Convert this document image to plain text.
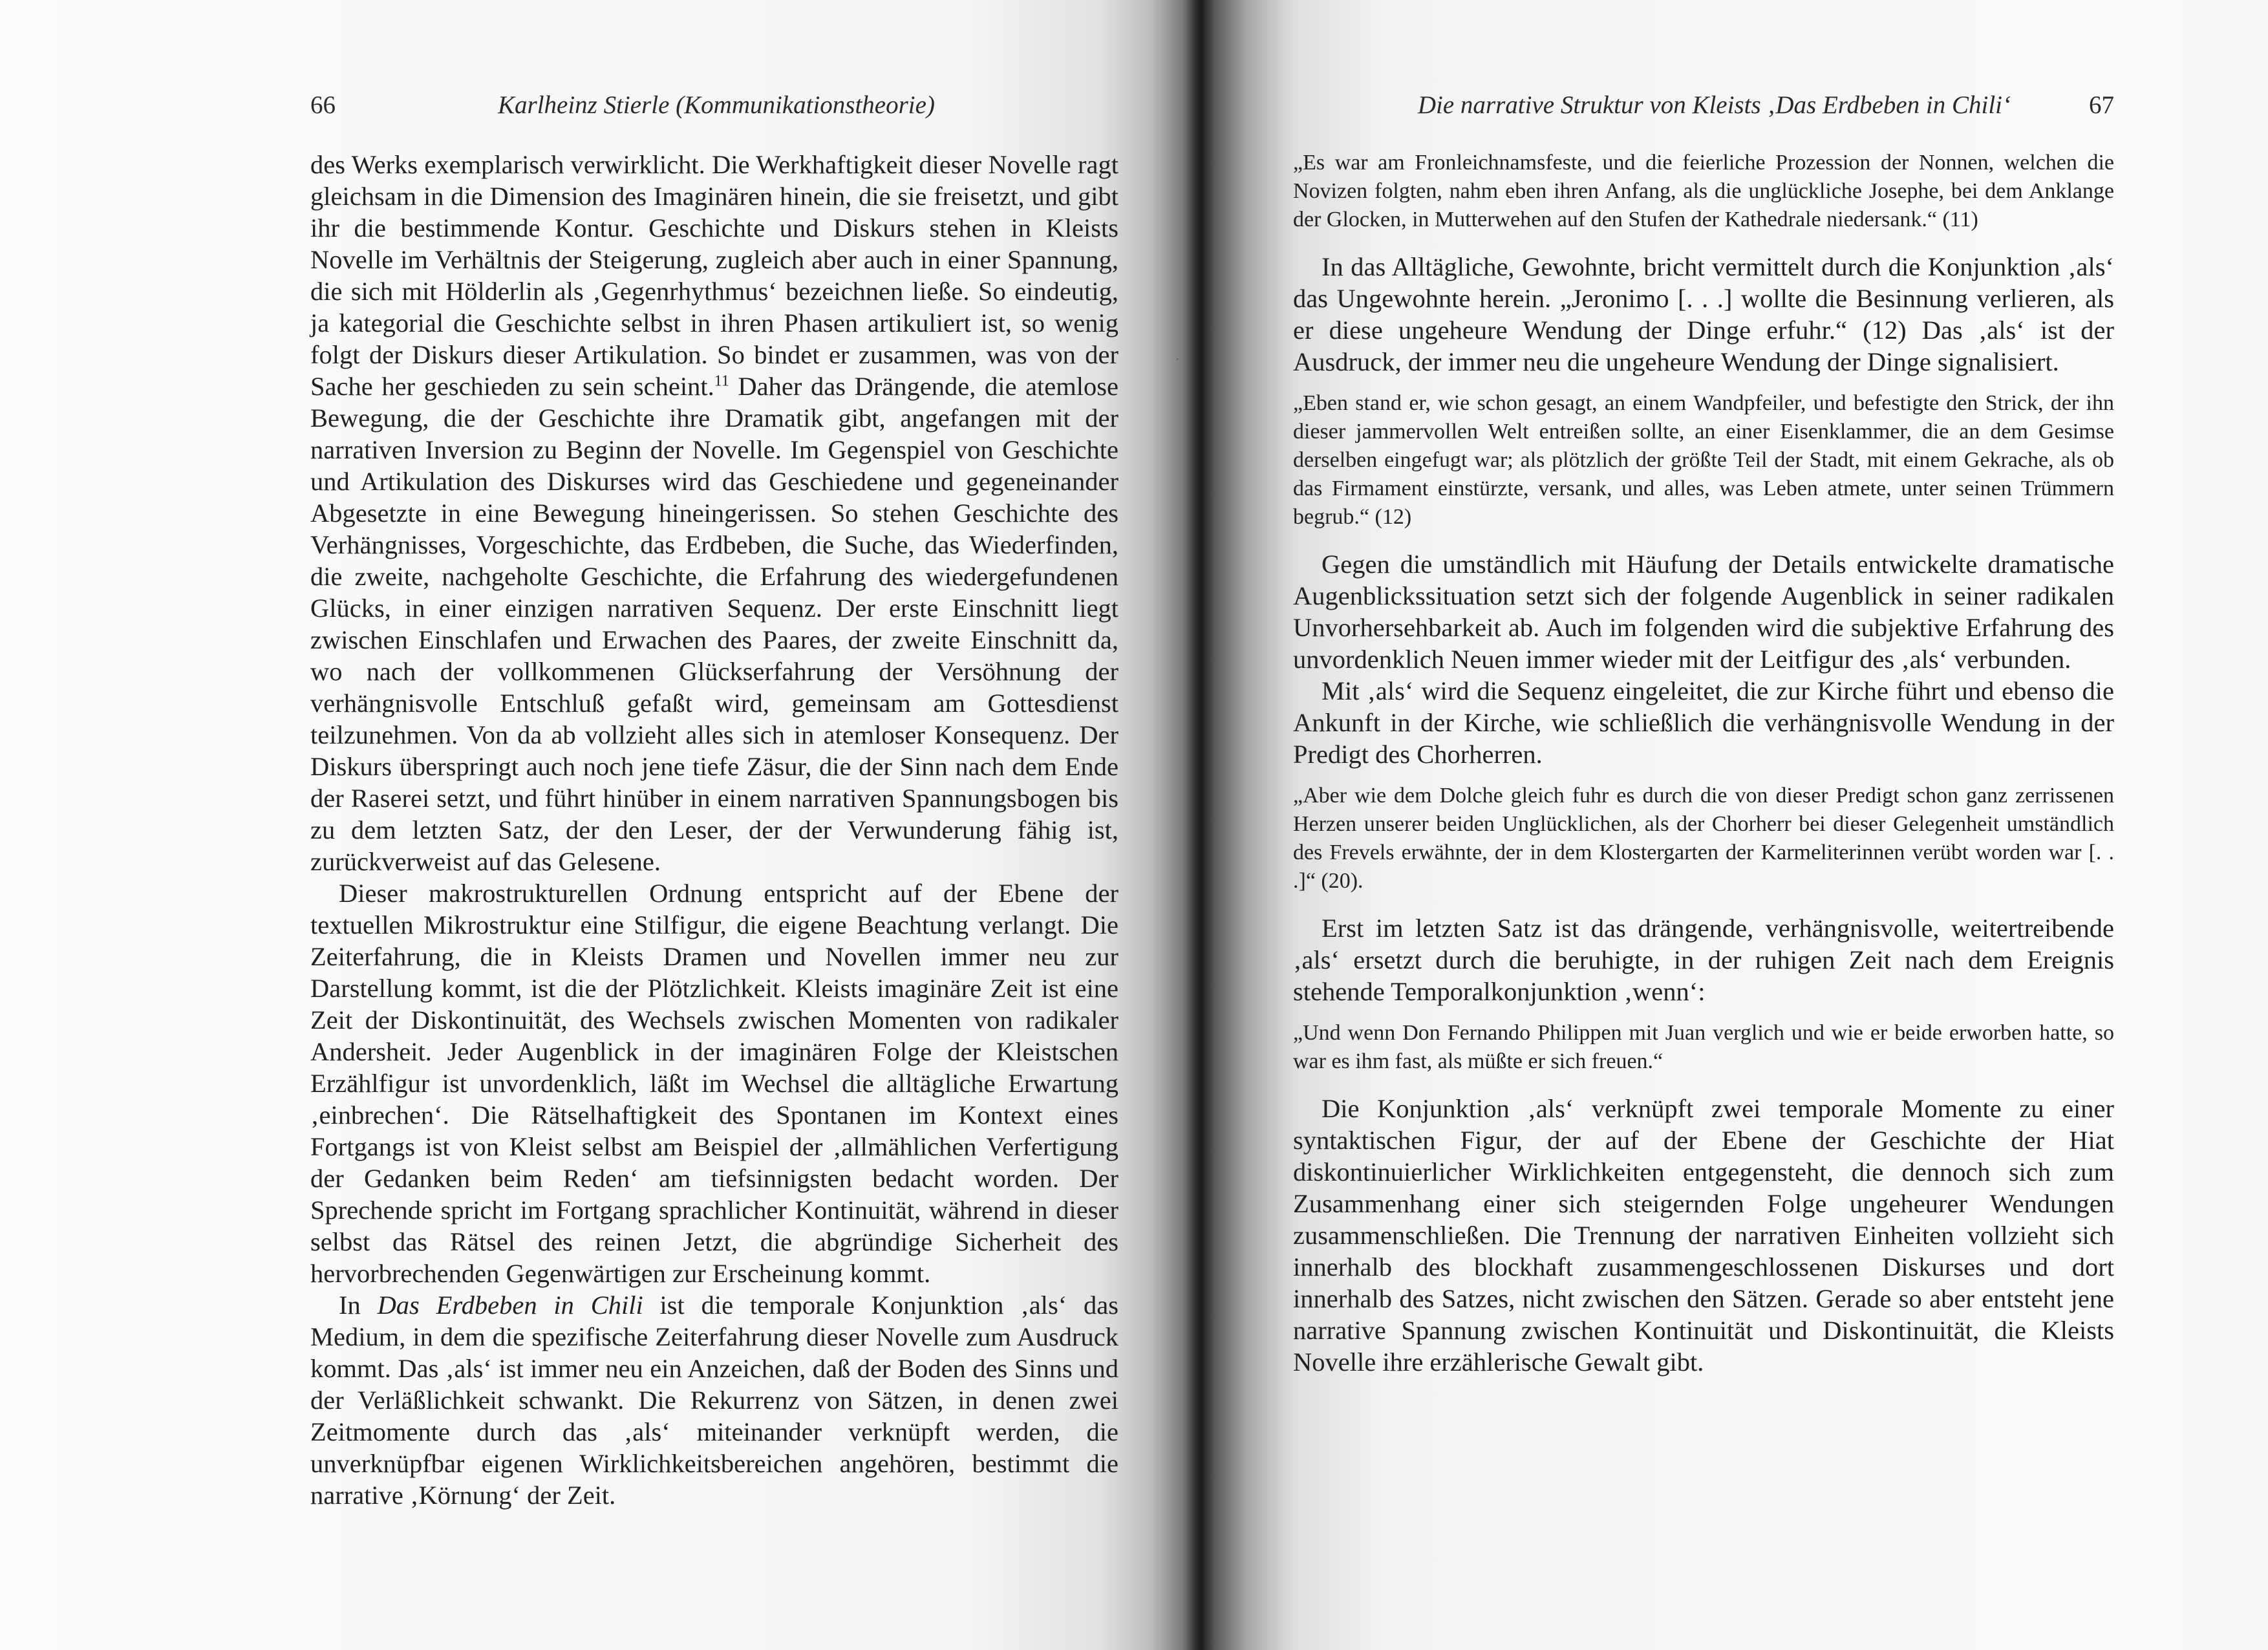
·
66	Karlheinz Stierle (Kommunikationstheorie)

des Werks exemplarisch verwirklicht. Die Werkhaftigkeit dieser Novelle ragt gleichsam in die Dimension des Imaginären hinein, die sie freisetzt, und gibt ihr die bestimmende Kontur. Geschichte und Diskurs stehen in Kleists Novelle im Verhältnis der Steigerung, zugleich aber auch in einer Spannung, die sich mit Hölderlin als ‚Gegenrhythmus‘ bezeichnen ließe. So eindeutig, ja kategorial die Geschichte selbst in ihren Phasen artikuliert ist, so wenig folgt der Diskurs dieser Artikulation. So bindet er zusammen, was von der Sache her geschieden zu sein scheint.$^{11}$ Daher das Drängende, die atemlose Bewegung, die der Geschichte ihre Dramatik gibt, angefangen mit der narrativen Inversion zu Beginn der Novelle. Im Gegenspiel von Geschichte und Artikulation des Diskurses wird das Geschiedene und gegeneinander Abgesetzte in eine Bewegung hineingerissen. So stehen Geschichte des Verhängnisses, Vorgeschichte, das Erdbeben, die Suche, das Wiederfinden, die zweite, nachgeholte Geschichte, die Erfahrung des wiedergefundenen Glücks, in einer einzigen narrativen Sequenz. Der erste Einschnitt liegt zwischen Einschlafen und Erwachen des Paares, der zweite Einschnitt da, wo nach der vollkommenen Glückserfahrung der Versöhnung der verhängnisvolle Entschluß gefaßt wird, gemeinsam am Gottesdienst teilzunehmen. Von da ab vollzieht alles sich in atemloser Konsequenz. Der Diskurs überspringt auch noch jene tiefe Zäsur, die der Sinn nach dem Ende der Raserei setzt, und führt hinüber in einem narrativen Spannungsbogen bis zu dem letzten Satz, der den Leser, der der Verwunderung fähig ist, zurückverweist auf das Gelesene.

Dieser makrostrukturellen Ordnung entspricht auf der Ebene der textuellen Mikrostruktur eine Stilfigur, die eigene Beachtung verlangt. Die Zeiterfahrung, die in Kleists Dramen und Novellen immer neu zur Darstellung kommt, ist die der Plötzlichkeit. Kleists imaginäre Zeit ist eine Zeit der Diskontinuität, des Wechsels zwischen Momenten von radikaler Andersheit. Jeder Augenblick in der imaginären Folge der Kleistschen Erzählfigur ist unvordenklich, läßt im Wechsel die alltägliche Erwartung ‚einbrechen‘. Die Rätselhaftigkeit des Spontanen im Kontext eines Fortgangs ist von Kleist selbst am Beispiel der ‚allmählichen Verfertigung der Gedanken beim Reden‘ am tiefsinnigsten bedacht worden. Der Sprechende spricht im Fortgang sprachlicher Kontinuität, während in dieser selbst das Rätsel des reinen Jetzt, die abgründige Sicherheit des hervorbrechenden Gegenwärtigen zur Erscheinung kommt.

In Das Erdbeben in Chili ist die temporale Konjunktion ‚als‘ das Medium, in dem die spezifische Zeiterfahrung dieser Novelle zum Ausdruck kommt. Das ‚als‘ ist immer neu ein Anzeichen, daß der Boden des Sinns und der Verläßlichkeit schwankt. Die Rekurrenz von Sätzen, in denen zwei Zeitmomente durch das ‚als‘ miteinander verknüpft werden, die unverknüpfbar eigenen Wirklichkeitsbereichen angehören, bestimmt die narrative ‚Körnung‘ der Zeit.

Die narrative Struktur von Kleists ‚Das Erdbeben in Chili‘	67
„Es war am Fronleichnamsfeste, und die feierliche Prozession der Nonnen, welchen die Novizen folgten, nahm eben ihren Anfang, als die unglückliche Josephe, bei dem Anklange der Glocken, in Mutterwehen auf den Stufen der Kathedrale niedersank.“ (11)

In das Alltägliche, Gewohnte, bricht vermittelt durch die Konjunktion ‚als‘ das Ungewohnte herein. „Jeronimo [. . .] wollte die Besinnung verlieren, als er diese ungeheure Wendung der Dinge erfuhr.“ (12) Das ‚als‘ ist der Ausdruck, der immer neu die ungeheure Wendung der Dinge signalisiert.

„Eben stand er, wie schon gesagt, an einem Wandpfeiler, und befestigte den Strick, der ihn dieser jammervollen Welt entreißen sollte, an einer Eisenklammer, die an dem Gesimse derselben eingefugt war; als plötzlich der größte Teil der Stadt, mit einem Gekrache, als ob das Firmament einstürzte, versank, und alles, was Leben atmete, unter seinen Trümmern begrub.“ (12)

Gegen die umständlich mit Häufung der Details entwickelte dramatische Augenblickssituation setzt sich der folgende Augenblick in seiner radikalen Unvorhersehbarkeit ab. Auch im folgenden wird die subjektive Erfahrung des unvordenklich Neuen immer wieder mit der Leitfigur des ‚als‘ verbunden.

Mit ‚als‘ wird die Sequenz eingeleitet, die zur Kirche führt und ebenso die Ankunft in der Kirche, wie schließlich die verhängnisvolle Wendung in der Predigt des Chorherren.

„Aber wie dem Dolche gleich fuhr es durch die von dieser Predigt schon ganz zerrissenen Herzen unserer beiden Unglücklichen, als der Chorherr bei dieser Gelegenheit umständlich des Frevels erwähnte, der in dem Klostergarten der Karmeliterinnen verübt worden war [. . .]“ (20).

Erst im letzten Satz ist das drängende, verhängnisvolle, weitertreibende ‚als‘ ersetzt durch die beruhigte, in der ruhigen Zeit nach dem Ereignis stehende Temporalkonjunktion ‚wenn‘:

„Und wenn Don Fernando Philippen mit Juan verglich und wie er beide erworben hatte, so war es ihm fast, als müßte er sich freuen.“

Die Konjunktion ‚als‘ verknüpft zwei temporale Momente zu einer syntaktischen Figur, der auf der Ebene der Geschichte der Hiat diskontinuierlicher Wirklichkeiten entgegensteht, die dennoch sich zum Zusammenhang einer sich steigernden Folge ungeheurer Wendungen zusammenschließen. Die Trennung der narrativen Einheiten vollzieht sich innerhalb des blockhaft zusammengeschlossenen Diskurses und dort innerhalb des Satzes, nicht zwischen den Sätzen. Gerade so aber entsteht jene narrative Spannung zwischen Kontinuität und Diskontinuität, die Kleists Novelle ihre erzählerische Gewalt gibt.
